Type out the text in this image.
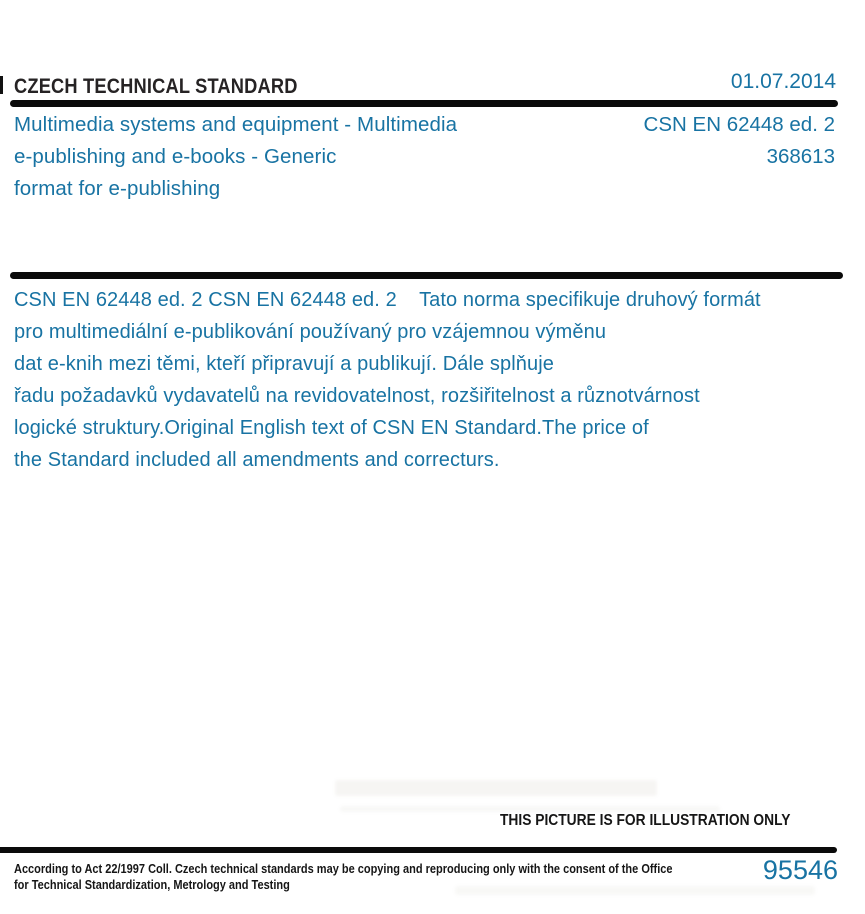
CZECH TECHNICAL STANDARD	01.07.2014
Multimedia systems and equipment - Multimedia
e-publishing and e-books - Generic
format for e-publishing
CSN EN 62448 ed. 2
368613
CSN EN 62448 ed. 2 CSN EN 62448 ed. 2    Tato norma specifikuje druhový formát
pro multimediální e-publikování používaný pro vzájemnou výměnu
dat e-knih mezi těmi, kteří připravují a publikují. Dále splňuje
řadu požadavků vydavatelů na revidovatelnost, rozšiřitelnost a různotvárnost
logické struktury.Original English text of CSN EN Standard.The price of
the Standard included all amendments and correcturs.
THIS PICTURE IS FOR ILLUSTRATION ONLY
According to Act 22/1997 Coll. Czech technical standards may be copying and reproducing only with the consent of the Office
for Technical Standardization, Metrology and Testing	95546
